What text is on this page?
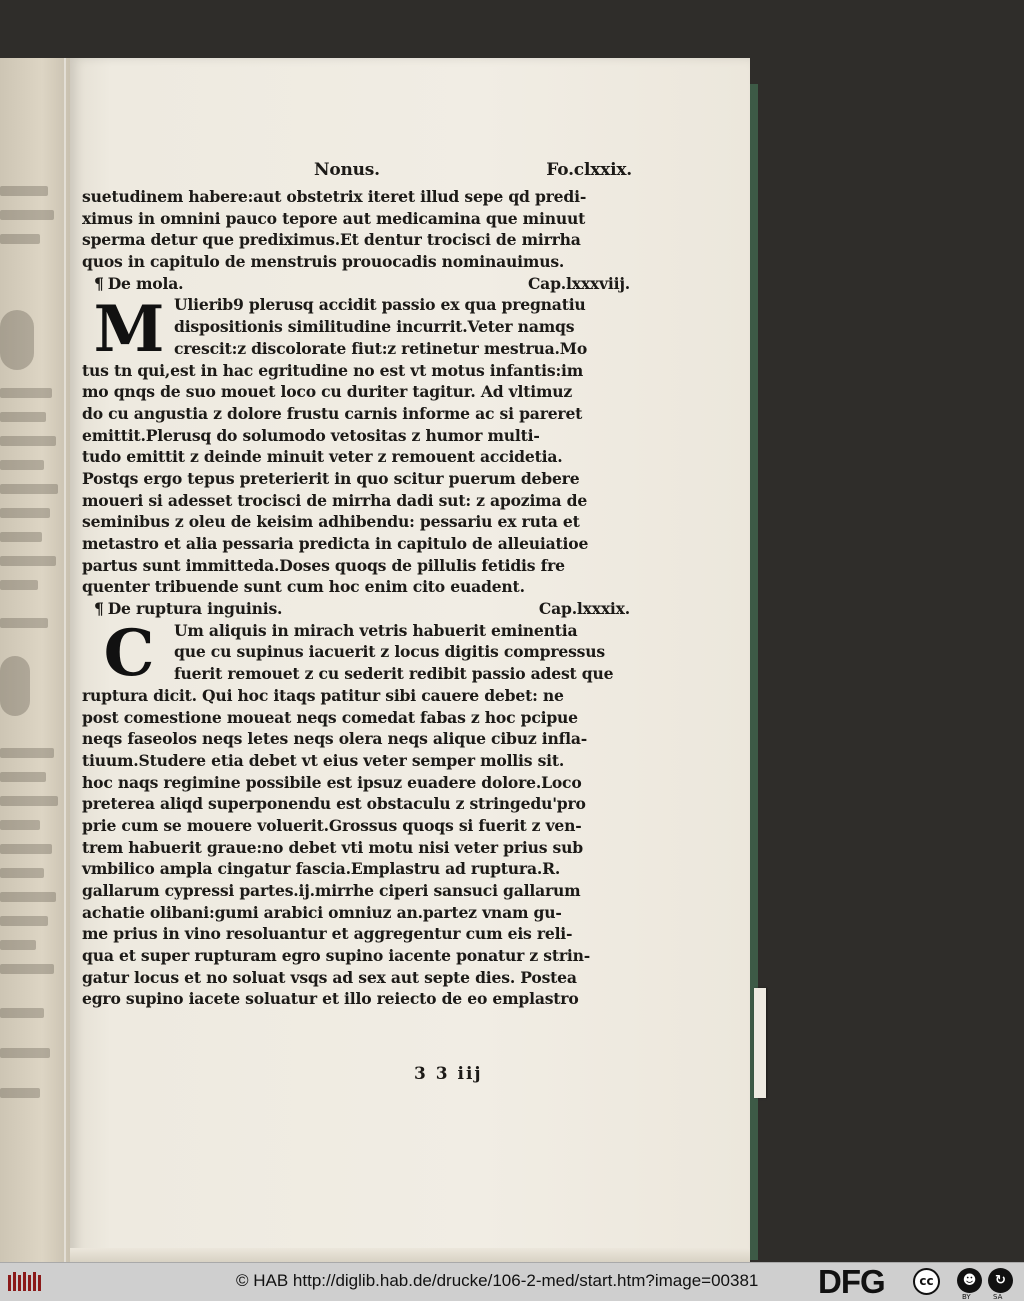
Nonus.	Fo.clxxix.
suetudinem habere:aut obstetrix iteret illud sepe qd predi-
ximus in omnini pauco tepore aut medicamina que minuut
sperma detur que prediximus.Et dentur trocisci de mirrha
quos in capitulo de menstruis prouocadis nominauimus.
¶ De mola.	Cap.lxxxviij.
M Ulierib9 plerusq accidit passio ex qua pregnatiu
dispositionis similitudine incurrit.Veter namqs
crescit:z discolorate fiut:z retinetur mestrua.Mo
tus tn qui,est in hac egritudine no est vt motus infantis:im
mo qnqs de suo mouet loco cu duriter tagitur. Ad vltimuz
do cu angustia z dolore frustu carnis informe ac si pareret
emittit.Plerusq do solumodo vetositas z humor multi-
tudo emittit z deinde minuit veter z remouent accidetia.
Postqs ergo tepus preterierit in quo scitur puerum debere
moueri si adesset trocisci de mirrha dadi sut: z apozima de
seminibus z oleu de keisim adhibendu: pessariu ex ruta et
metastro et alia pessaria predicta in capitulo de alleuiatioe
partus sunt immitteda.Doses quoqs de pillulis fetidis fre
quenter tribuende sunt cum hoc enim cito euadent.
¶ De ruptura inguinis.	Cap.lxxxix.
C	Um aliquis in mirach vetris habuerit eminentia
que cu supinus iacuerit z locus digitis compressus
fuerit remouet z cu sederit redibit passio adest que
ruptura dicit. Qui hoc itaqs patitur sibi cauere debet: ne
post comestione moueat neqs comedat fabas z hoc pcipue
neqs faseolos neqs letes neqs olera neqs alique cibuz infla-
tiuum.Studere etia debet vt eius veter semper mollis sit.
hoc naqs regimine possibile est ipsuz euadere dolore.Loco
preterea aliqd superponendu est obstaculu z stringedu'pro
prie cum se mouere voluerit.Grossus quoqs si fuerit z ven-
trem habuerit graue:no debet vti motu nisi veter prius sub
vmbilico ampla cingatur fascia.Emplastru ad ruptura.R.
gallarum cypressi partes.ij.mirrhe ciperi sansuci gallarum
achatie olibani:gumi arabici omniuz an.partez vnam gu-
me prius in vino resoluantur et aggregentur cum eis reli-
qua et super rupturam egro supino iacente ponatur z strin-
gatur locus et no soluat vsqs ad sex aut septe dies. Postea
egro supino iacete soluatur et illo reiecto de eo emplastro
3 3 iij
© HAB http://diglib.hab.de/drucke/106-2-med/start.htm?image=00381 DFG	cc	☻	↻
BY	SA
